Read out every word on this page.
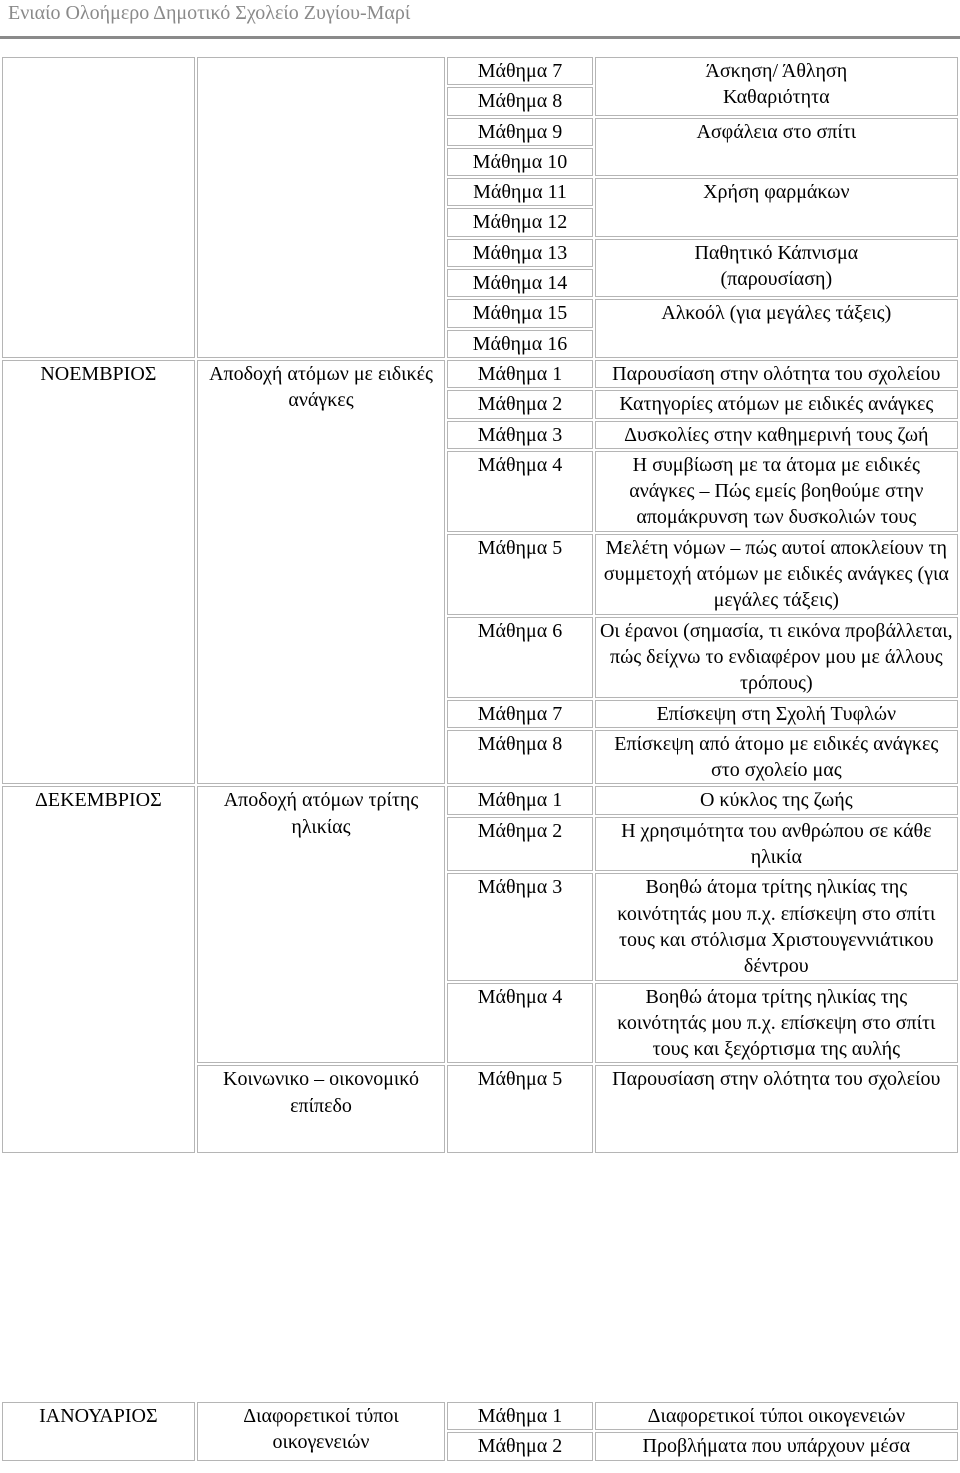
Ενιαίο Ολοήμερο Δημοτικό Σχολείο Ζυγίου-Μαρί
		Μάθημα 7	Άσκηση/ Άθληση
Καθαριότητα
		Μάθημα 8	
		Μάθημα 9	Ασφάλεια στο σπίτι
		Μάθημα 10	
		Μάθημα 11	Χρήση φαρμάκων
		Μάθημα 12	
		Μάθημα 13	Παθητικό Κάπνισμα
(παρουσίαση)
		Μάθημα 14	
		Μάθημα 15	Αλκοόλ (για μεγάλες τάξεις)
		Μάθημα 16	
ΝΟΕΜΒΡΙΟΣ	Αποδοχή ατόμων με ειδικές ανάγκες	Μάθημα 1	Παρουσίαση στην ολότητα του σχολείου
		Μάθημα 2	Κατηγορίες ατόμων με ειδικές ανάγκες
		Μάθημα 3	Δυσκολίες στην καθημερινή τους ζωή
		Μάθημα 4	Η συμβίωση με τα άτομα με ειδικές ανάγκες – Πώς εμείς βοηθούμε στην απομάκρυνση των δυσκολιών τους
		Μάθημα 5	Μελέτη νόμων – πώς αυτοί αποκλείουν τη συμμετοχή ατόμων με ειδικές ανάγκες (για μεγάλες τάξεις)
		Μάθημα 6	Οι έρανοι (σημασία, τι εικόνα προβάλλεται, πώς δείχνω το ενδιαφέρον μου με άλλους τρόπους)
		Μάθημα 7	Επίσκεψη στη Σχολή Τυφλών
		Μάθημα 8	Επίσκεψη από άτομο με ειδικές ανάγκες στο σχολείο μας
ΔΕΚΕΜΒΡΙΟΣ	Αποδοχή ατόμων τρίτης ηλικίας	Μάθημα 1	Ο κύκλος της ζωής
		Μάθημα 2	Η χρησιμότητα του ανθρώπου σε κάθε ηλικία
		Μάθημα 3	Βοηθώ άτομα τρίτης ηλικίας της κοινότητάς μου π.χ. επίσκεψη στο σπίτι τους και στόλισμα Χριστουγεννιάτικου δέντρου
		Μάθημα 4	Βοηθώ άτομα τρίτης ηλικίας της κοινότητάς μου π.χ. επίσκεψη στο σπίτι τους και ξεχόρτισμα της αυλής
	Κοινωνικο – οικονομικό επίπεδο	Μάθημα 5	Παρουσίαση στην ολότητα του σχολείου
ΙΑΝΟΥΑΡΙΟΣ	Διαφορετικοί τύποι οικογενειών	Μάθημα 1	Διαφορετικοί τύποι οικογενειών
		Μάθημα 2	Προβλήματα που υπάρχουν μέσα
